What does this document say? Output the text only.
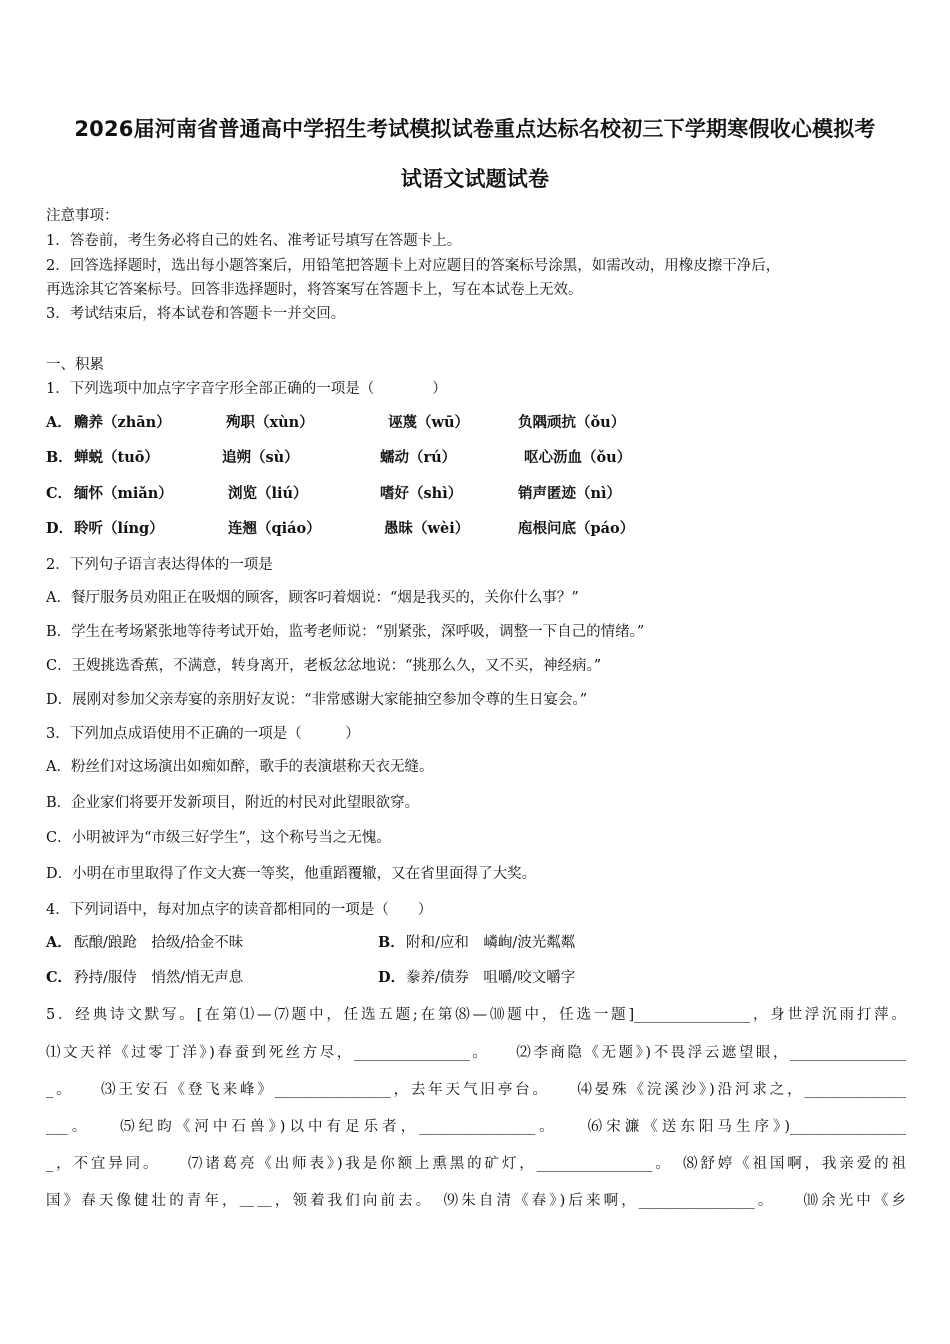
2026届河南省普通高中学招生考试模拟试卷重点达标名校初三下学期寒假收心模拟考
试语文试题试卷
注意事项：
1．答卷前，考生务必将自己的姓名、准考证号填写在答题卡上。
2．回答选择题时，选出每小题答案后，用铅笔把答题卡上对应题目的答案标号涂黑，如需改动，用橡皮擦干净后，
再选涂其它答案标号。回答非选择题时，将答案写在答题卡上，写在本试卷上无效。
3．考试结束后，将本试卷和答题卡一并交回。
一、积累
1．下列选项中加点字字音字形全部正确的一项是（　　　　）
A． 赡养（zhān）	殉职（xùn）	诬蔑（wū）	负隅顽抗（ǒu）
B． 蝉蜕（tuō）	追朔（sù）	蠕动（rú）	呕心沥血（ǒu）
C． 缅怀（miǎn）	浏览（liú）	嗜好（shì）	销声匿迹（nì）
D． 聆听（líng）	连翘（qiáo）	愚昧（wèi）	庖根问底（páo）
2．下列句子语言表达得体的一项是
A．餐厅服务员劝阻正在吸烟的顾客，顾客叼着烟说：“烟是我买的，关你什么事？”
B．学生在考场紧张地等待考试开始，监考老师说：“别紧张，深呼吸，调整一下自己的情绪。”
C．王嫂挑选香蕉，不满意，转身离开，老板忿忿地说：“挑那么久，又不买，神经病。”
D．展刚对参加父亲寿宴的亲朋好友说：“非常感谢大家能抽空参加令尊的生日宴会。”
3．下列加点成语使用不正确的一项是（　　　）
A．粉丝们对这场演出如痴如醉，歌手的表演堪称天衣无缝。
B．企业家们将要开发新项目，附近的村民对此望眼欲穿。
C．小明被评为“市级三好学生”，这个称号当之无愧。
D．小明在市里取得了作文大赛一等奖，他重蹈覆辙，又在省里面得了大奖。
4．下列词语中，每对加点字的读音都相同的一项是（　　）
A． 酝酿/踉跄　拾级/拾金不昧	B． 附和/应和　嶙峋/波光粼粼
C． 矜持/服侍　悄然/悄无声息	D． 豢养/债券　咀嚼/咬文嚼字
5．经典诗文默写。[在第⑴—⑺题中，任选五题;在第⑻—⑽题中，任选一题]________________，身世浮沉雨打萍。
⑴文天祥《过零丁洋》)春蚕到死丝方尽，________________。　　⑵李商隐《无题》)不畏浮云遮望眼，________________
_。　　⑶王安石《登飞来峰》________________，去年天气旧亭台。　　⑷晏殊《浣溪沙》)沿河求之，______________
___。　　⑸纪昀《河中石兽》)以中有足乐者，________________。　　⑹宋濂《送东阳马生序》)________________
_，不宜异同。　　⑺诸葛亮《出师表》)我是你额上熏黑的矿灯，________________。　⑻舒婷《祖国啊，我亲爱的祖
国》春天像健壮的青年，＿＿，领着我们向前去。　⑼朱自清《春》)后来啊，________________。　　⑽余光中《乡
